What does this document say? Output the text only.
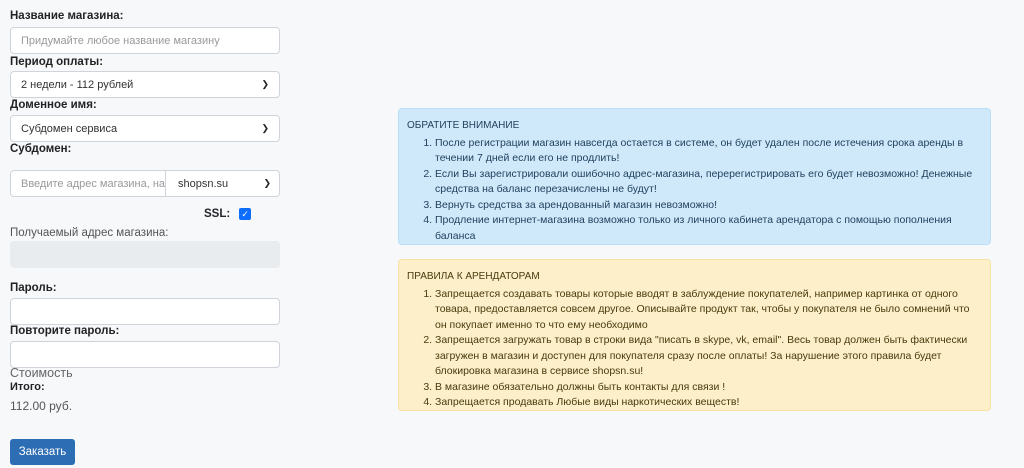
Название магазина:
Придумайте любое название магазину
Период оплаты:
2 недели - 112 рублей	❯
Доменное имя:
Субдомен сервиса	❯
Субдомен:
Введите адрес магазина, на shopsn.su	❯
SSL: ✓
Получаемый адрес магазина:
Пароль:
Повторите пароль:
Стоимость
Итого:
112.00 руб.
Заказать
ОБРАТИТЕ ВНИМАНИЕ
1. После регистрации магазин навсегда остается в системе, он будет удален после истечения срока аренды в течении 7 дней если его не продлить!
2. Если Вы зарегистрировали ошибочно адрес-магазина, перерегистрировать его будет невозможно! Денежные средства на баланс перезачислены не будут!
3. Вернуть средства за арендованный магазин невозможно!
4. Продление интернет-магазина возможно только из личного кабинета арендатора с помощью пополнения баланса
ПРАВИЛА К АРЕНДАТОРАМ
1. Запрещается создавать товары которые вводят в заблуждение покупателей, например картинка от одного товара, предоставляется совсем другое. Описывайте продукт так, чтобы у покупателя не было сомнений что он покупает именно то что ему необходимо
2. Запрещается загружать товар в строки вида "писать в skype, vk, email". Весь товар должен быть фактически загружен в магазин и доступен для покупателя сразу после оплаты! За нарушение этого правила будет блокировка магазина в сервисе shopsn.su!
3. В магазине обязательно должны быть контакты для связи !
4. Запрещается продавать Любые виды наркотических веществ!
